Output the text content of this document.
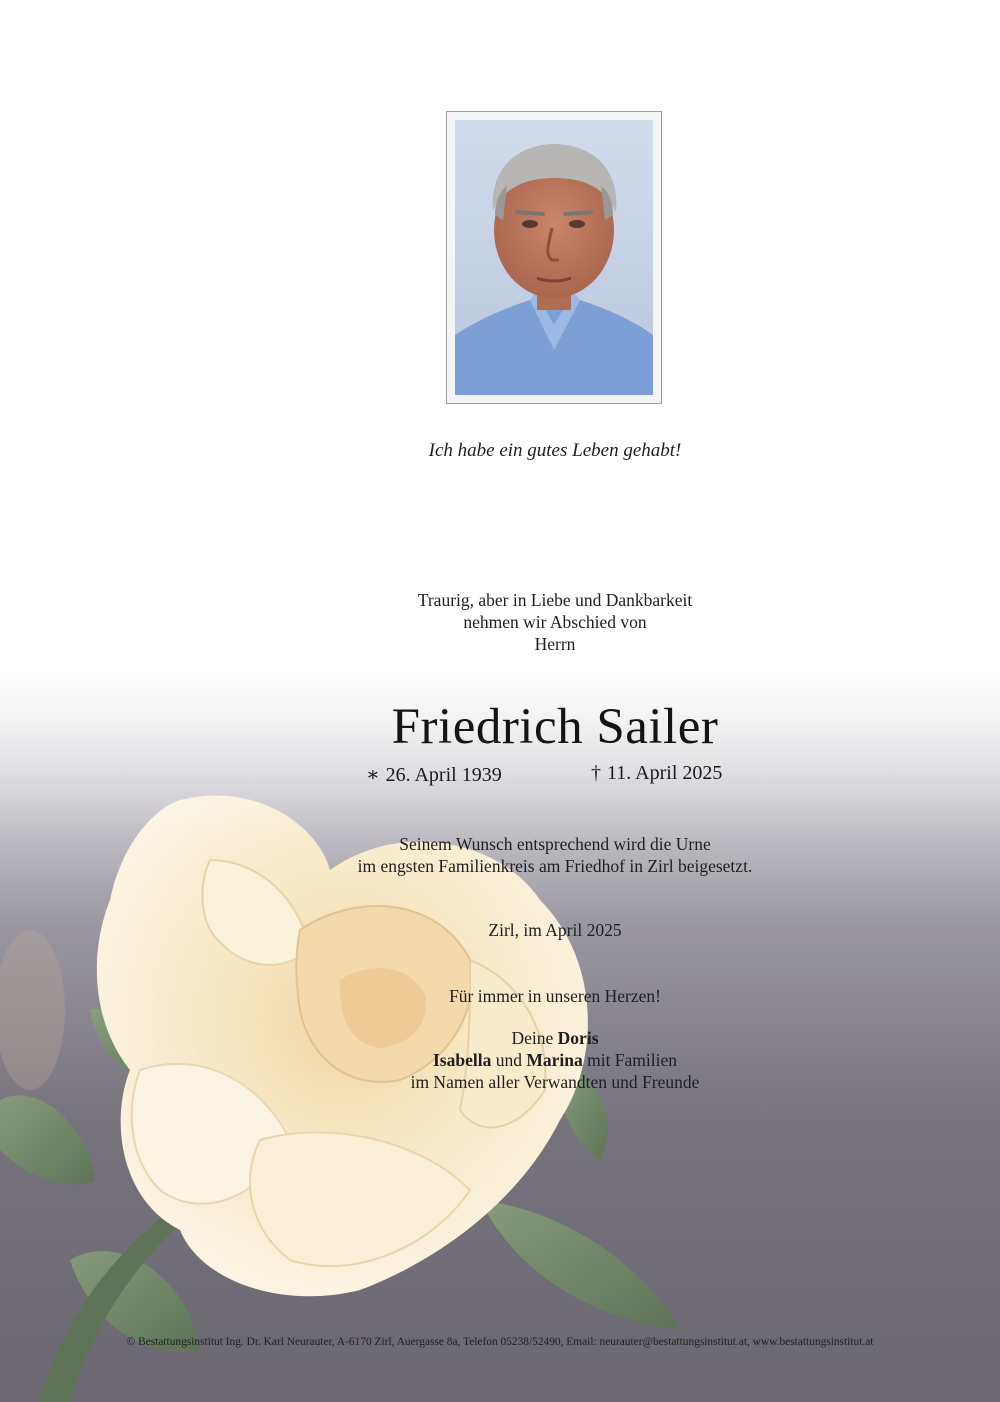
Ich habe ein gutes Leben gehabt!
Traurig, aber in Liebe und Dankbarkeit
nehmen wir Abschied von
Herrn
Friedrich Sailer
∗ 26. April 1939	† 11. April 2025
Seinem Wunsch entsprechend wird die Urne
im engsten Familienkreis am Friedhof in Zirl beigesetzt.
Zirl, im April 2025
Für immer in unseren Herzen!
Deine Doris
Isabella und Marina mit Familien
im Namen aller Verwandten und Freunde
© Bestattungsinstitut Ing. Dr. Karl Neurauter, A-6170 Zirl, Auergasse 8a, Telefon 05238/52490, Email: neurauter@bestattungsinstitut.at, www.bestattungsinstitut.at
